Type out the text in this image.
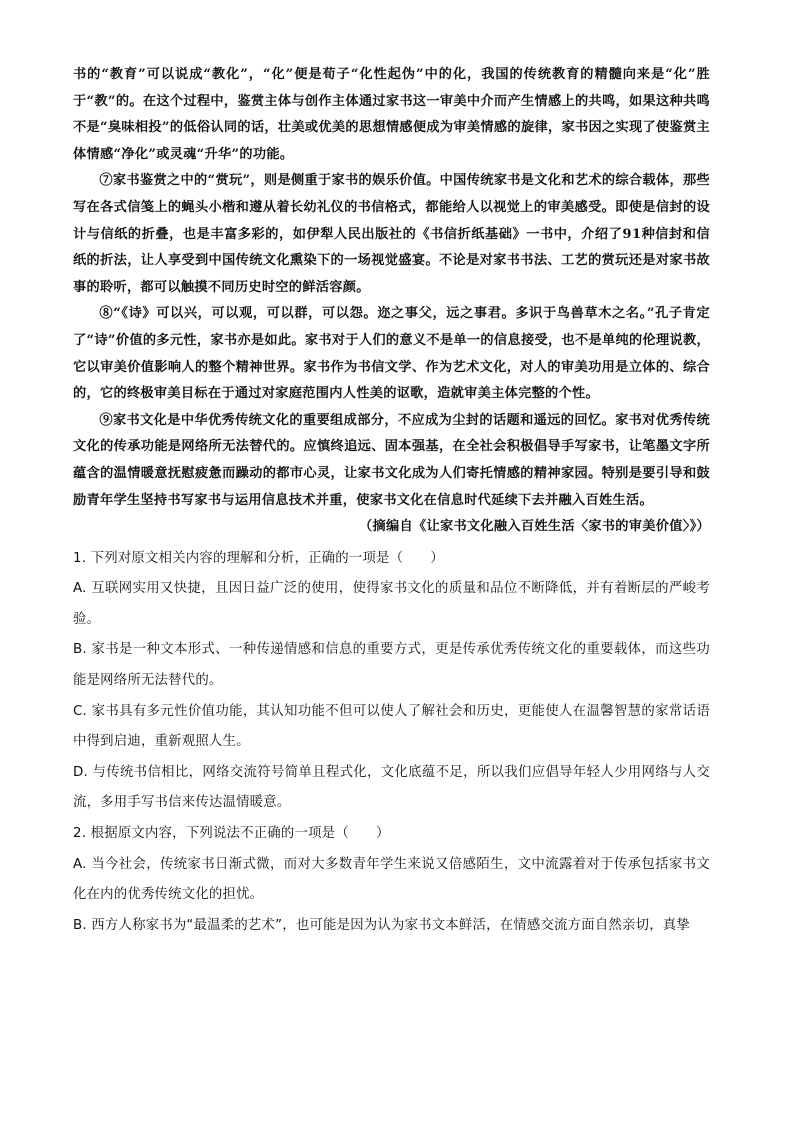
书的“教育”可以说成“教化”，“化”便是荀子“化性起伪”中的化，我国的传统教育的精髓向来是“化”胜于“教”的。在这个过程中，鉴赏主体与创作主体通过家书这一审美中介而产生情感上的共鸣，如果这种共鸣不是“臭味相投”的低俗认同的话，壮美或优美的思想情感便成为审美情感的旋律，家书因之实现了使鉴赏主体情感“净化”或灵魂“升华”的功能。

⑦家书鉴赏之中的“赏玩”，则是侧重于家书的娱乐价值。中国传统家书是文化和艺术的综合载体，那些写在各式信笺上的蝇头小楷和遵从着长幼礼仪的书信格式，都能给人以视觉上的审美感受。即使是信封的设计与信纸的折叠，也是丰富多彩的，如伊犁人民出版社的《书信折纸基础》一书中，介绍了91种信封和信纸的折法，让人享受到中国传统文化熏染下的一场视觉盛宴。不论是对家书书法、工艺的赏玩还是对家书故事的聆听，都可以触摸不同历史时空的鲜活容颜。

⑧“《诗》可以兴，可以观，可以群，可以怨。迩之事父，远之事君。多识于鸟兽草木之名。”孔子肯定了“诗”价值的多元性，家书亦是如此。家书对于人们的意义不是单一的信息接受，也不是单纯的伦理说教，它以审美价值影响人的整个精神世界。家书作为书信文学、作为艺术文化，对人的审美功用是立体的、综合的，它的终极审美目标在于通过对家庭范围内人性美的讴歌，造就审美主体完整的个性。

⑨家书文化是中华优秀传统文化的重要组成部分，不应成为尘封的话题和遥远的回忆。家书对优秀传统文化的传承功能是网络所无法替代的。应慎终追远、固本强基，在全社会积极倡导手写家书，让笔墨文字所蕴含的温情暖意抚慰疲惫而躁动的都市心灵，让家书文化成为人们寄托情感的精神家园。特别是要引导和鼓励青年学生坚持书写家书与运用信息技术并重，使家书文化在信息时代延续下去并融入百姓生活。

（摘编自《让家书文化融入百姓生活〈家书的审美价值〉》）

1. 下列对原文相关内容的理解和分析，正确的一项是（　　）

A. 互联网实用又快捷，且因日益广泛的使用，使得家书文化的质量和品位不断降低，并有着断层的严峻考验。

B. 家书是一种文本形式、一种传递情感和信息的重要方式，更是传承优秀传统文化的重要载体，而这些功能是网络所无法替代的。

C. 家书具有多元性价值功能，其认知功能不但可以使人了解社会和历史，更能使人在温馨智慧的家常话语中得到启迪，重新观照人生。

D. 与传统书信相比，网络交流符号简单且程式化，文化底蕴不足，所以我们应倡导年轻人少用网络与人交流，多用手写书信来传达温情暖意。

2. 根据原文内容，下列说法不正确的一项是（　　）

A. 当今社会，传统家书日渐式微，而对大多数青年学生来说又倍感陌生，文中流露着对于传承包括家书文化在内的优秀传统文化的担忧。

B. 西方人称家书为“最温柔的艺术”，也可能是因为认为家书文本鲜活，在情感交流方面自然亲切，真挚
